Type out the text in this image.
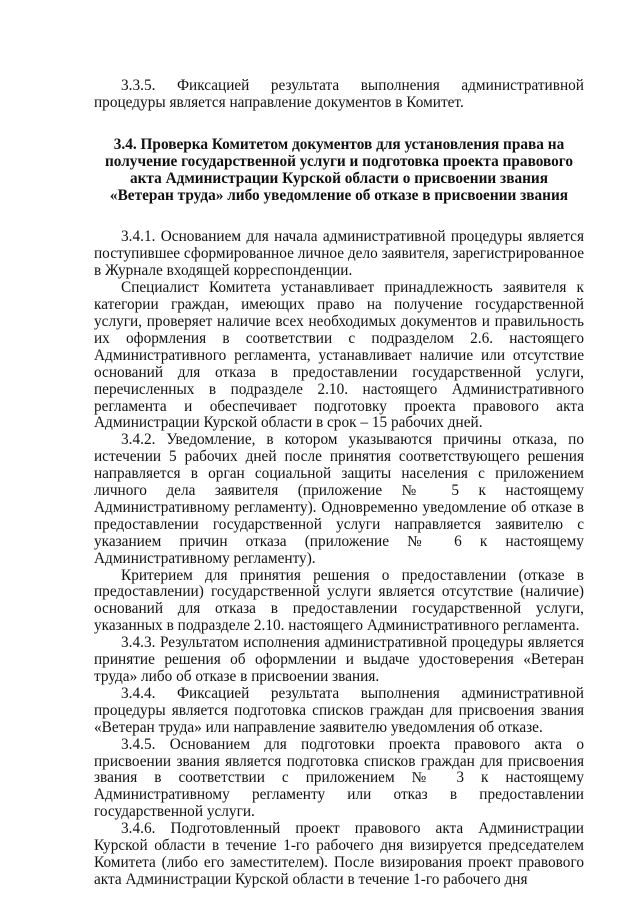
3.3.5. Фиксацией результата выполнения административной процедуры является направление документов в Комитет.

3.4. Проверка Комитетом документов для установления права на получение государственной услуги и подготовка проекта правового акта Администрации Курской области о присвоении звания «Ветеран труда» либо уведомление об отказе в присвоении звания

3.4.1. Основанием для начала административной процедуры является поступившее сформированное личное дело заявителя, зарегистрированное в Журнале входящей корреспонденции.

Специалист Комитета устанавливает принадлежность заявителя к категории граждан, имеющих право на получение государственной услуги, проверяет наличие всех необходимых документов и правильность их оформления в соответствии с подразделом 2.6. настоящего Административного регламента, устанавливает наличие или отсутствие оснований для отказа в предоставлении государственной услуги, перечисленных в подразделе 2.10. настоящего Административного регламента и обеспечивает подготовку проекта правового акта Администрации Курской области в срок – 15 рабочих дней.

3.4.2. Уведомление, в котором указываются причины отказа, по истечении 5 рабочих дней после принятия соответствующего решения направляется в орган социальной защиты населения с приложением личного дела заявителя (приложение № 5 к настоящему Административному регламенту). Одновременно уведомление об отказе в предоставлении государственной услуги направляется заявителю с указанием причин отказа (приложение № 6 к настоящему Административному регламенту).

Критерием для принятия решения о предоставлении (отказе в предоставлении) государственной услуги является отсутствие (наличие) оснований для отказа в предоставлении государственной услуги, указанных в подразделе 2.10. настоящего Административного регламента.

3.4.3. Результатом исполнения административной процедуры является принятие решения об оформлении и выдаче удостоверения «Ветеран труда» либо об отказе в присвоении звания.

3.4.4. Фиксацией результата выполнения административной процедуры является подготовка списков граждан для присвоения звания «Ветеран труда» или направление заявителю уведомления об отказе.

3.4.5. Основанием для подготовки проекта правового акта о присвоении звания является подготовка списков граждан для присвоения звания в соответствии с приложением № 3 к настоящему Административному регламенту или отказ в предоставлении государственной услуги.

3.4.6. Подготовленный проект правового акта Администрации Курской области в течение 1-го рабочего дня визируется председателем Комитета (либо его заместителем). После визирования проект правового акта Администрации Курской области в течение 1-го рабочего дня
